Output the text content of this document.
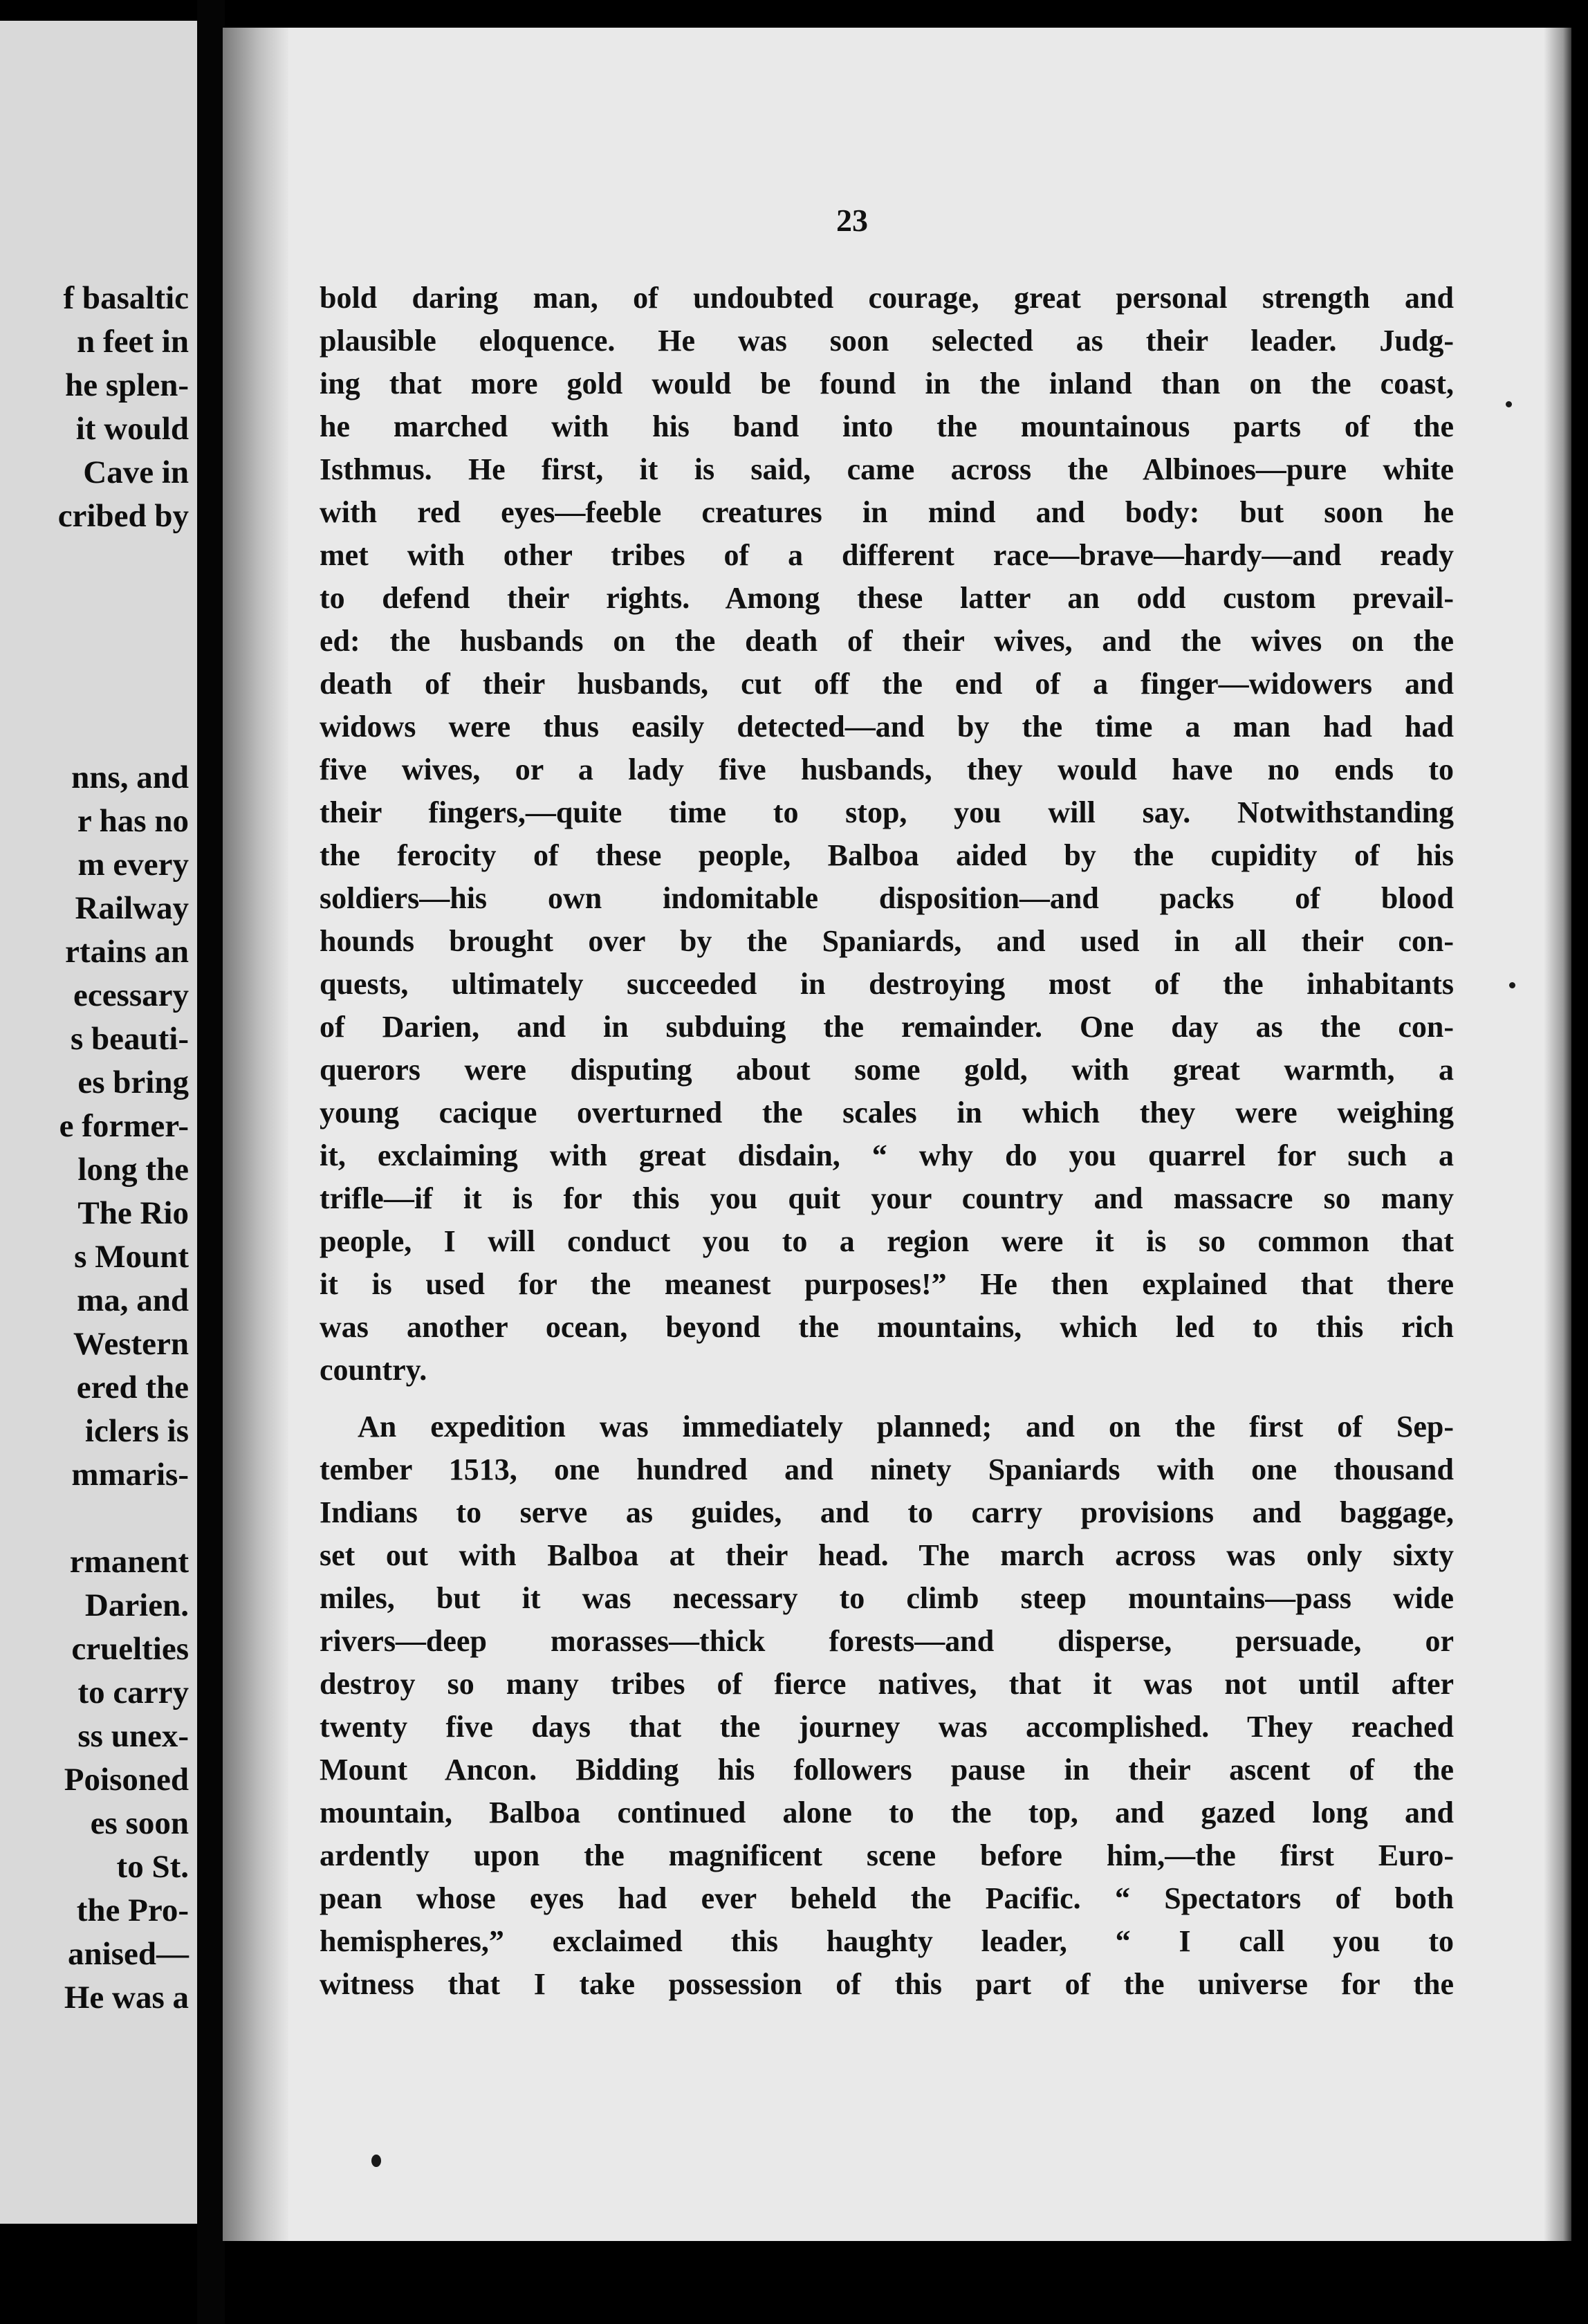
f basaltic
n feet in
he splen-
it would
Cave in
cribed by
nns, and
r has no
m every
Railway
rtains an
ecessary
s beauti-
es bring
e former-
long the
The Rio
s Mount
ma, and
Western
ered the
iclers is
mmaris-
rmanent
Darien.
cruelties
to carry
ss unex-
Poisoned
es soon
to St.
the Pro-
anised—
He was a
23
bold daring man, of undoubted courage, great personal strength and
plausible eloquence. He was soon selected as their leader. Judg-
ing that more gold would be found in the inland than on the coast,
he marched with his band into the mountainous parts of the
Isthmus. He first, it is said, came across the Albinoes—pure white
with red eyes—feeble creatures in mind and body: but soon he
met with other tribes of a different race—brave—hardy—and ready
to defend their rights. Among these latter an odd custom prevail-
ed: the husbands on the death of their wives, and the wives on the
death of their husbands, cut off the end of a finger—widowers and
widows were thus easily detected—and by the time a man had had
five wives, or a lady five husbands, they would have no ends to
their fingers,—quite time to stop, you will say. Notwithstanding
the ferocity of these people, Balboa aided by the cupidity of his
soldiers—his own indomitable disposition—and packs of blood
hounds brought over by the Spaniards, and used in all their con-
quests, ultimately succeeded in destroying most of the inhabitants
of Darien, and in subduing the remainder. One day as the con-
querors were disputing about some gold, with great warmth, a
young cacique overturned the scales in which they were weighing
it, exclaiming with great disdain, “ why do you quarrel for such a
trifle—if it is for this you quit your country and massacre so many
people, I will conduct you to a region were it is so common that
it is used for the meanest purposes!” He then explained that there
was another ocean, beyond the mountains, which led to this rich
country.
An expedition was immediately planned; and on the first of Sep-
tember 1513, one hundred and ninety Spaniards with one thousand
Indians to serve as guides, and to carry provisions and baggage,
set out with Balboa at their head. The march across was only sixty
miles, but it was necessary to climb steep mountains—pass wide
rivers—deep morasses—thick forests—and disperse, persuade, or
destroy so many tribes of fierce natives, that it was not until after
twenty five days that the journey was accomplished. They reached
Mount Ancon. Bidding his followers pause in their ascent of the
mountain, Balboa continued alone to the top, and gazed long and
ardently upon the magnificent scene before him,—the first Euro-
pean whose eyes had ever beheld the Pacific. “ Spectators of both
hemispheres,” exclaimed this haughty leader, “ I call you to
witness that I take possession of this part of the universe for the
